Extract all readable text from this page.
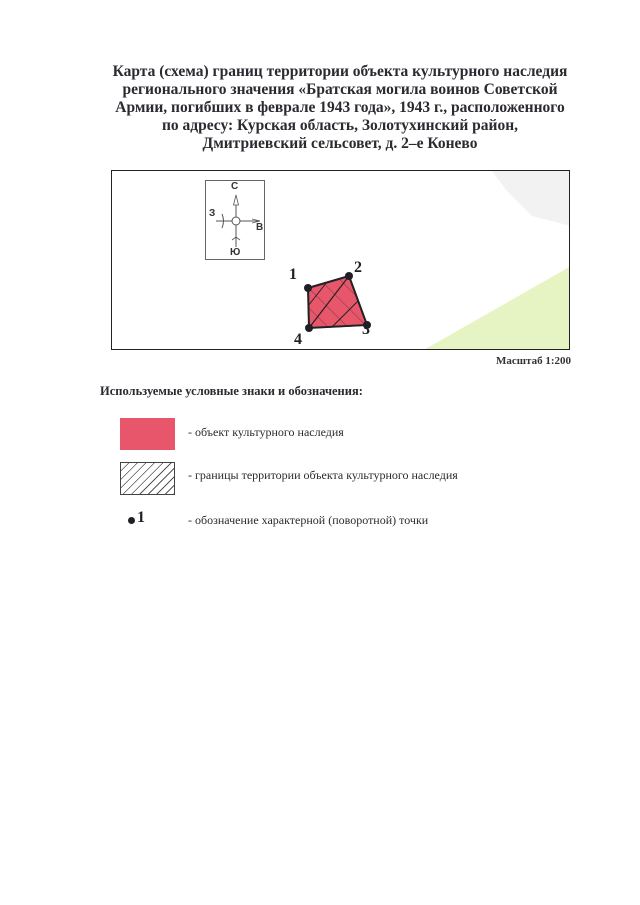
Карта (схема) границ территории объекта культурного наследия
регионального значения «Братская могила воинов Советской
Армии, погибших в феврале 1943 года», 1943 г., расположенного
по адресу: Курская область, Золотухинский район,
Дмитриевский сельсовет, д. 2–е Конево
1	2
3
4
С
Ю
З
В
Масштаб 1:200
Используемые условные знаки и обозначения:
- объект культурного наследия
- границы территории объекта культурного наследия
1	- обозначение характерной (поворотной) точки
